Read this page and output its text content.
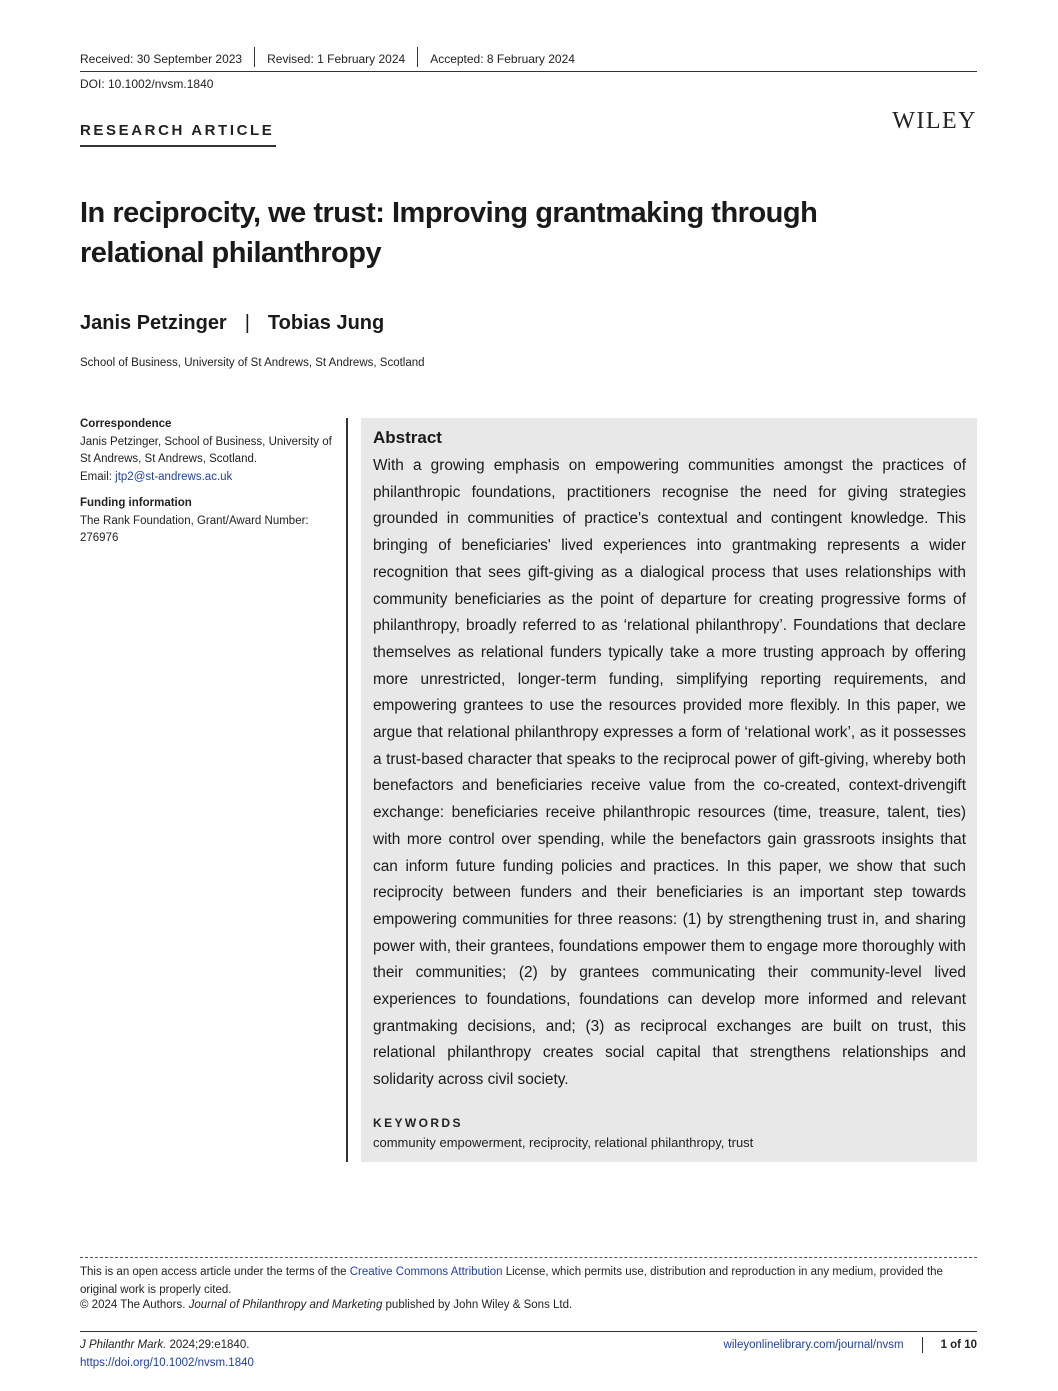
Received: 30 September 2023 Revised: 1 February 2024 Accepted: 8 February 2024
DOI: 10.1002/nvsm.1840
RESEARCH ARTICLE	WILEY
In reciprocity, we trust: Improving grantmaking through relational philanthropy
Janis Petzinger | Tobias Jung
School of Business, University of St Andrews, St Andrews, Scotland
Correspondence
Janis Petzinger, School of Business, University of St Andrews, St Andrews, Scotland.
Email: jtp2@st-andrews.ac.uk
Funding information
The Rank Foundation, Grant/Award Number: 276976
Abstract
With a growing emphasis on empowering communities amongst the practices of philanthropic foundations, practitioners recognise the need for giving strategies grounded in communities of practice's contextual and contingent knowledge. This bringing of beneficiaries' lived experiences into grantmaking represents a wider recognition that sees gift-giving as a dialogical process that uses relationships with community beneficiaries as the point of departure for creating progressive forms of philanthropy, broadly referred to as ‘relational philanthropy’. Foundations that declare themselves as relational funders typically take a more trusting approach by offering more unrestricted, longer-term funding, simplifying reporting requirements, and empowering grantees to use the resources provided more flexibly. In this paper, we argue that relational philanthropy expresses a form of ‘relational work’, as it possesses a trust-based character that speaks to the reciprocal power of gift-giving, whereby both benefactors and beneficiaries receive value from the co-created, context-drivengift exchange: beneficiaries receive philanthropic resources (time, treasure, talent, ties) with more control over spending, while the benefactors gain grassroots insights that can inform future funding policies and practices. In this paper, we show that such reciprocity between funders and their beneficiaries is an important step towards empowering communities for three reasons: (1) by strengthening trust in, and sharing power with, their grantees, foundations empower them to engage more thoroughly with their communities; (2) by grantees communicating their community-level lived experiences to foundations, foundations can develop more informed and relevant grantmaking decisions, and; (3) as reciprocal exchanges are built on trust, this relational philanthropy creates social capital that strengthens relationships and solidarity across civil society.
KEYWORDS
community empowerment, reciprocity, relational philanthropy, trust
This is an open access article under the terms of the Creative Commons Attribution License, which permits use, distribution and reproduction in any medium, provided the original work is properly cited.
© 2024 The Authors. Journal of Philanthropy and Marketing published by John Wiley & Sons Ltd.
J Philanthr Mark. 2024;29:e1840.
https://doi.org/10.1002/nvsm.1840
wileyonlinelibrary.com/journal/nvsm	1 of 10
